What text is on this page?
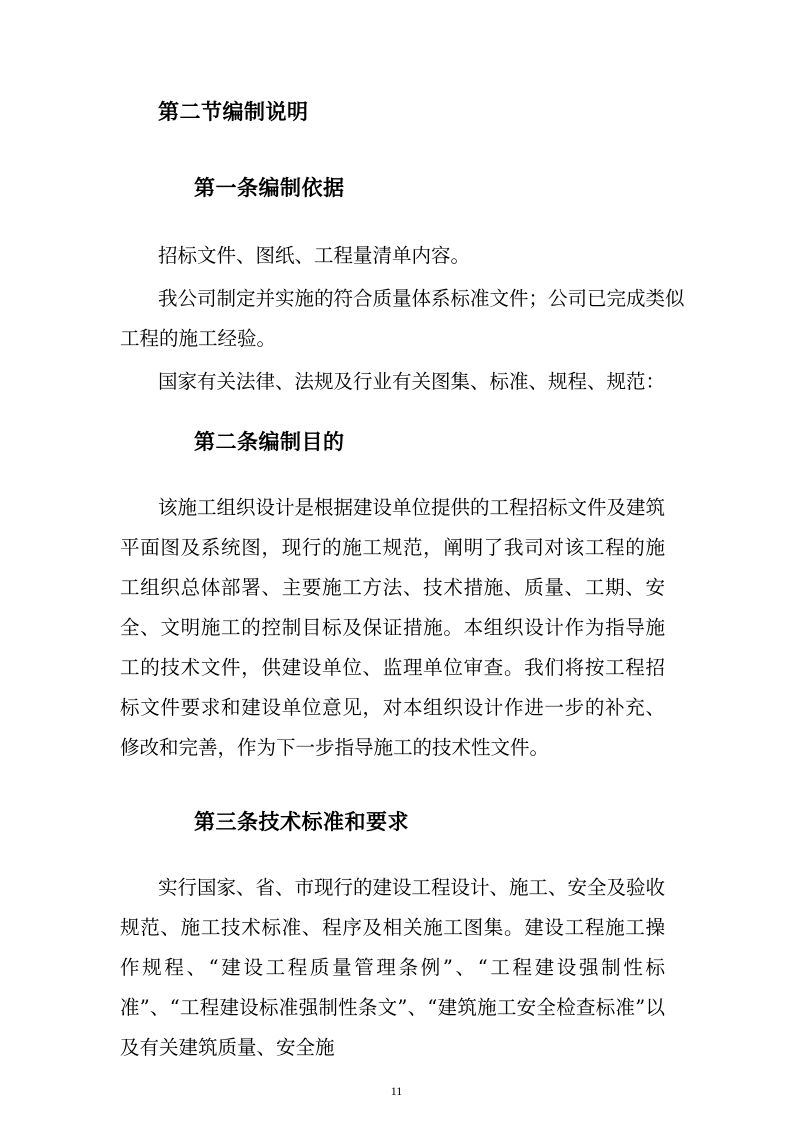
第二节编制说明
第一条编制依据
招标文件、图纸、工程量清单内容。
我公司制定并实施的符合质量体系标准文件；公司已完成类似
工程的施工经验。
国家有关法律、法规及行业有关图集、标准、规程、规范：
第二条编制目的
该施工组织设计是根据建设单位提供的工程招标文件及建筑平面图及系统图，现行的施工规范，阐明了我司对该工程的施工组织总体部署、主要施工方法、技术措施、质量、工期、安全、文明施工的控制目标及保证措施。本组织设计作为指导施工的技术文件，供建设单位、监理单位审查。我们将按工程招标文件要求和建设单位意见，对本组织设计作进一步的补充、修改和完善，作为下一步指导施工的技术性文件。
第三条技术标准和要求
实行国家、省、市现行的建设工程设计、施工、安全及验收规范、施工技术标准、程序及相关施工图集。建设工程施工操作规程、“建设工程质量管理条例”、“工程建设强制性标准”、“工程建设标准强制性条文”、“建筑施工安全检查标准”以及有关建筑质量、安全施
11
